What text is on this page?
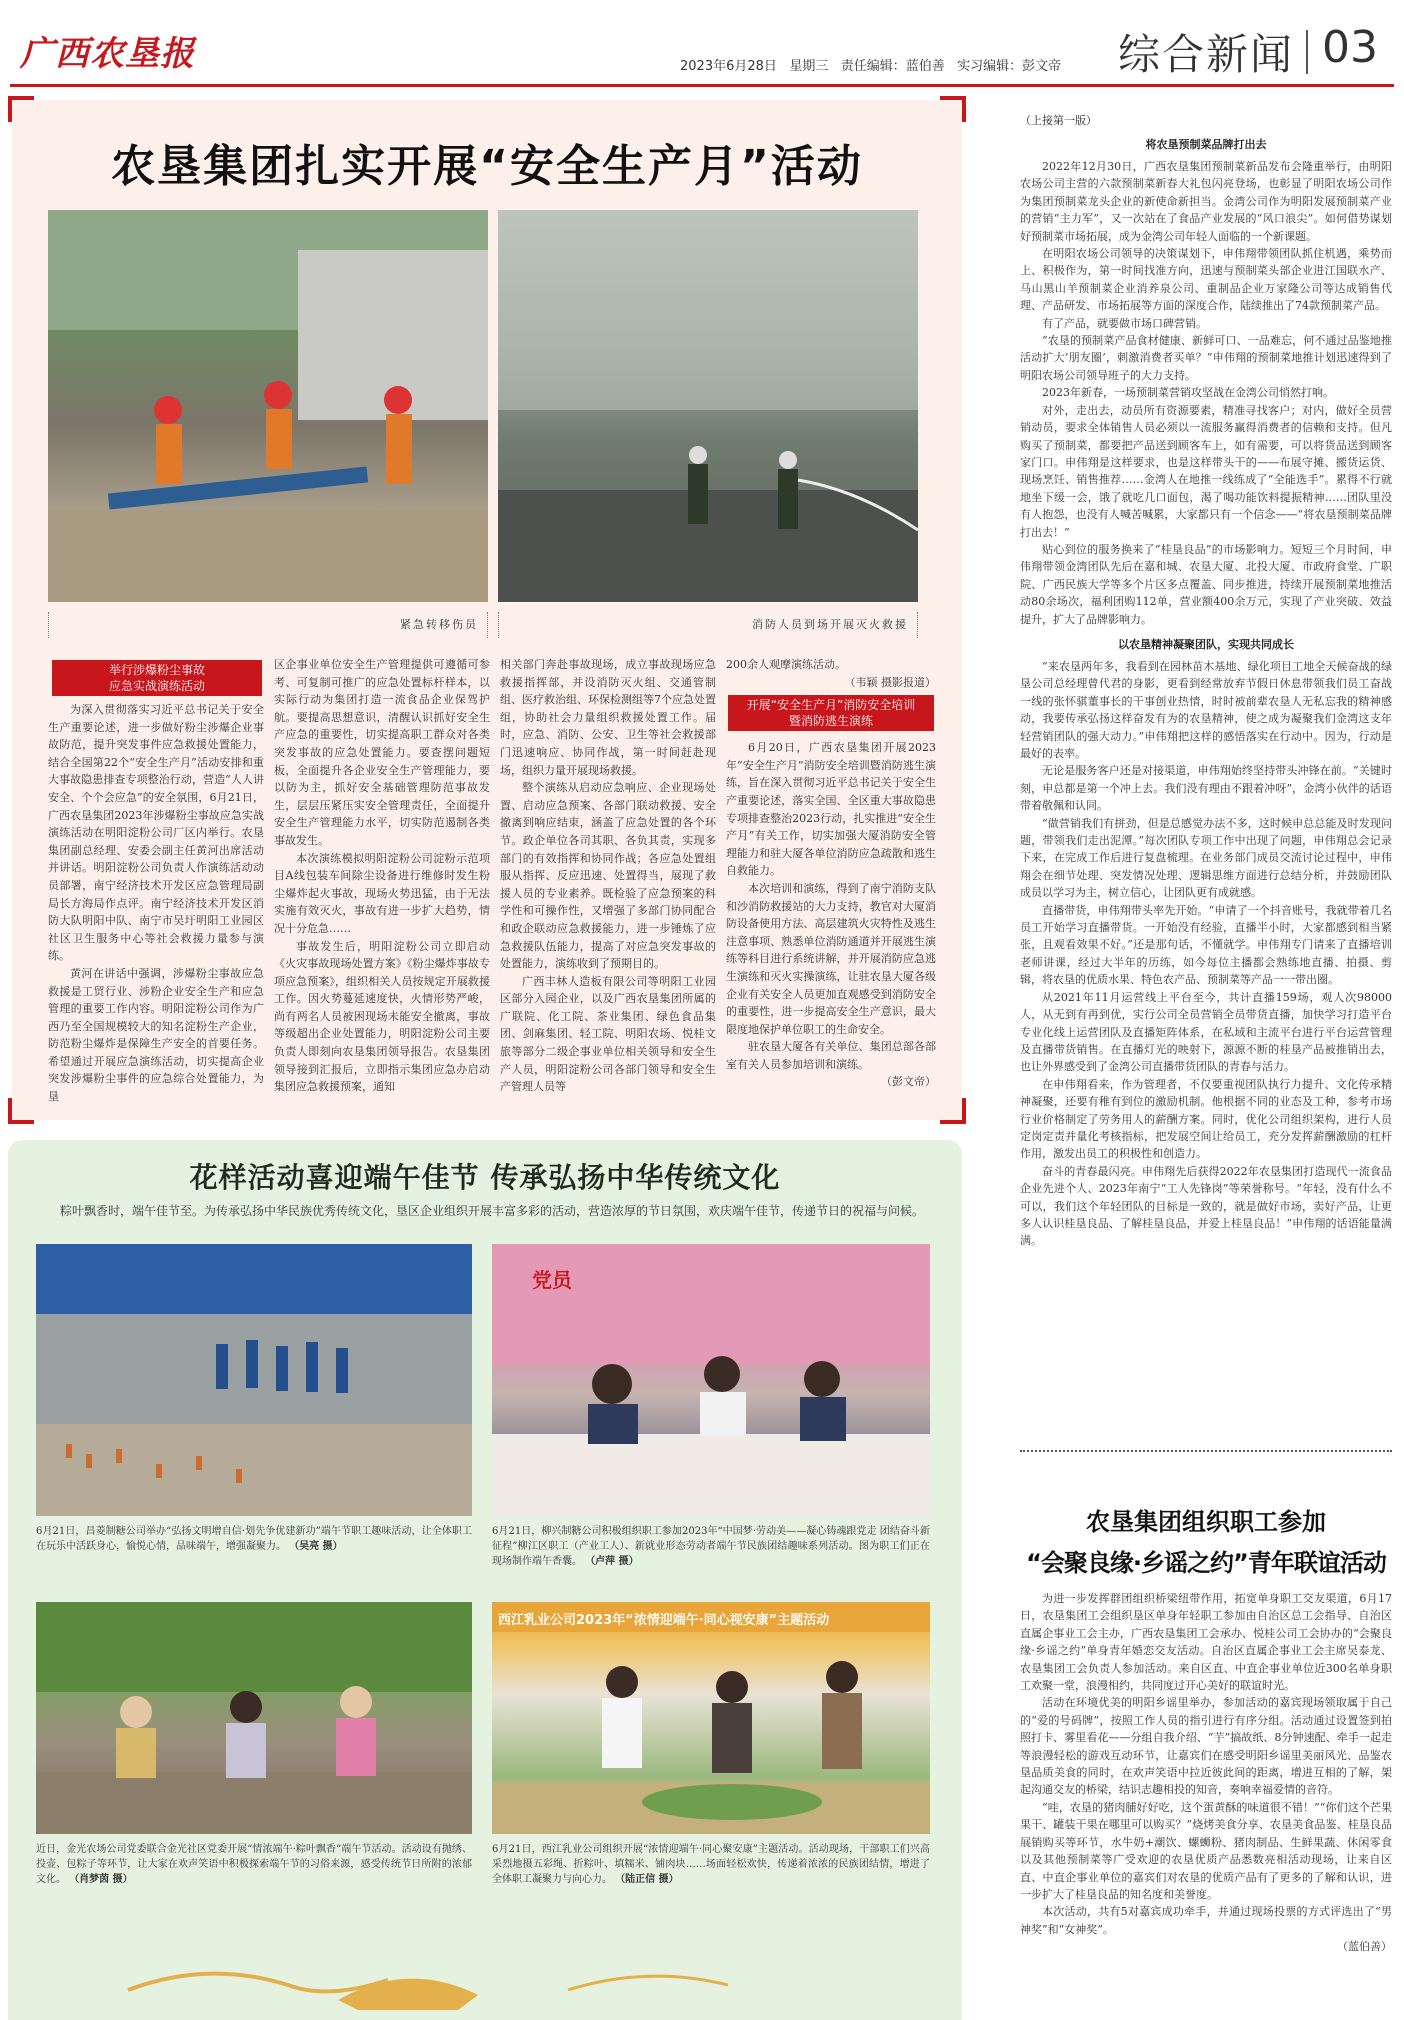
广西农垦报	2023年6月28日 星期三 责任编辑：蓝伯善 实习编辑：彭文帝 综合新闻 03
农垦集团扎实开展“安全生产月”活动
紧急转移伤员	消防人员到场开展灭火救援
举行涉爆粉尘事故
应急实战演练活动

为深入贯彻落实习近平总书记关于安全生产重要论述，进一步做好粉尘涉爆企业事故防范，提升突发事件应急救援处置能力，结合全国第22个“安全生产月”活动安排和重大事故隐患排查专项整治行动，营造“人人讲安全、个个会应急”的安全氛围，6月21日，广西农垦集团2023年涉爆粉尘事故应急实战演练活动在明阳淀粉公司厂区内举行。农垦集团副总经理、安委会副主任黄河出席活动并讲话。明阳淀粉公司负责人作演练活动动员部署，南宁经济技术开发区应急管理局副局长方海局作点评。南宁经济技术开发区消防大队明阳中队、南宁市吴圩明阳工业园区社区卫生服务中心等社会救援力量参与演练。

黄河在讲话中强调，涉爆粉尘事故应急救援是工贸行业、涉粉企业安全生产和应急管理的重要工作内容。明阳淀粉公司作为广西乃至全国规模较大的知名淀粉生产企业，防范粉尘爆炸是保障生产安全的首要任务。希望通过开展应急演练活动，切实提高企业突发涉爆粉尘事件的应急综合处置能力，为垦

区企事业单位安全生产管理提供可遵循可参考、可复制可推广的应急处置标杆样本，以实际行动为集团打造一流食品企业保驾护航。要提高思想意识，清醒认识抓好安全生产应急的重要性，切实提高职工群众对各类突发事故的应急处置能力。要查摆问题短板，全面提升各企业安全生产管理能力，要以防为主，抓好安全基础管理防范事故发生，层层压紧压实安全管理责任，全面提升安全生产管理能力水平，切实防范遏制各类事故发生。

本次演练模拟明阳淀粉公司淀粉示范项目A线包装车间除尘设备进行维修时发生粉尘爆炸起火事故，现场火势迅猛，由于无法实施有效灭火，事故有进一步扩大趋势，情况十分危急……

事故发生后，明阳淀粉公司立即启动《火灾事故现场处置方案》《粉尘爆炸事故专项应急预案》，组织相关人员按规定开展救援工作。因火势蔓延速度快，火情形势严峻，尚有两名人员被困现场未能安全撤离，事故等级超出企业处置能力，明阳淀粉公司主要负责人即刻向农垦集团领导报告。农垦集团领导接到汇报后，立即指示集团应急办启动集团应急救援预案，通知

相关部门奔赴事故现场，成立事故现场应急救援指挥部，并设消防灭火组、交通管制组、医疗救治组、环保检测组等7个应急处置组，协助社会力量组织救援处置工作。届时，应急、消防、公安、卫生等社会救援部门迅速响应、协同作战，第一时间赶赴现场，组织力量开展现场救援。

整个演练从启动应急响应、企业现场处置、启动应急预案、各部门联动救援、安全撤离到响应结束，涵盖了应急处置的各个环节。政企单位各司其职、各负其责，实现多部门的有效指挥和协同作战；各应急处置组服从指挥、反应迅速、处置得当，展现了救援人员的专业素养。既检验了应急预案的科学性和可操作性，又增强了多部门协同配合和政企联动应急救援能力，进一步锤炼了应急救援队伍能力，提高了对应急突发事故的处置能力，演练收到了预期目的。

广西丰林人造板有限公司等明阳工业园区部分入园企业，以及广西农垦集团所属的广联院、化工院、茶业集团、绿色食品集团、剑麻集团、轻工院、明阳农场、悦桂文旅等部分二级企事业单位相关领导和安全生产人员，明阳淀粉公司各部门领导和安全生产管理人员等

200余人观摩演练活动。

（韦颖 摄影报道）

开展“安全生产月”消防安全培训
暨消防逃生演练

6月20日，广西农垦集团开展2023年“安全生产月”消防安全培训暨消防逃生演练，旨在深入贯彻习近平总书记关于安全生产重要论述，落实全国、全区重大事故隐患专项排查整治2023行动，扎实推进“安全生产月”有关工作，切实加强大厦消防安全管理能力和驻大厦各单位消防应急疏散和逃生自救能力。

本次培训和演练，得到了南宁消防支队和沙消防救援站的大力支持，教官对大厦消防设备使用方法、高层建筑火灾特性及逃生注意事项、熟悉单位消防通道并开展逃生演练等科目进行系统讲解，并开展消防应急逃生演练和灭火实操演练，让驻农垦大厦各级企业有关安全人员更加直观感受到消防安全的重要性，进一步提高安全生产意识，最大限度地保护单位职工的生命安全。

驻农垦大厦各有关单位、集团总部各部室有关人员参加培训和演练。

（彭文帝）

花样活动喜迎端午佳节 传承弘扬中华传统文化

粽叶飘香时，端午佳节至。为传承弘扬中华民族优秀传统文化，垦区企业组织开展丰富多彩的活动，营造浓厚的节日氛围，欢庆端午佳节，传递节日的祝福与问候。

党员
6月21日，昌菱制糖公司举办“弘扬文明增自信·划先争优建新功”端午节职工趣味活动，让全体职工在玩乐中活跃身心，愉悦心情，品味端午，增强凝聚力。 （吴亮 摄）
6月21日，柳兴制糖公司积极组织职工参加2023年“中国梦·劳动美——凝心铸魂跟党走 团结奋斗新征程”柳江区职工（产业工人）、新就业形态劳动者端午节民族团结趣味系列活动。图为职工们正在现场制作端午香囊。 （卢萍 摄）
西江乳业公司2023年“浓情迎端午·同心视安康”主题活动
近日，金光农场公司党委联合金光社区党委开展“情浓端午·粽叶飘香”端午节活动。活动设有抛绣、投壶、包粽子等环节，让大家在欢声笑语中积极探索端午节的习俗来源，感受传统节日所附的浓郁文化。 （肖梦茵 摄）
6月21日，西江乳业公司组织开展“浓情迎端午·同心聚安康”主题活动。活动现场，干部职工们兴高采烈地摄五彩绳、折粽叶、填糯米、铺肉块……场面轻松欢快，传递着浓浓的民族团结情，增进了全体职工凝聚力与向心力。 （陆正信 摄）
（上接第一版）
将农垦预制菜品牌打出去

2022年12月30日，广西农垦集团预制菜新品发布会隆重举行，由明阳农场公司主营的六款预制菜新春大礼包闪亮登场，也彰显了明阳农场公司作为集团预制菜龙头企业的新使命新担当。金湾公司作为明阳发展预制菜产业的营销“主力军”，又一次站在了食品产业发展的“风口浪尖”。如何借势谋划好预制菜市场拓展，成为金湾公司年轻人面临的一个新课题。

在明阳农场公司领导的决策谋划下，申伟翔带领团队抓住机遇，乘势而上、积极作为，第一时间找准方向，迅速与预制菜头部企业进江国联水产、马山黑山羊预制菜企业消养泉公司、重制品企业万家隆公司等达成销售代理、产品研发、市场拓展等方面的深度合作，陆续推出了74款预制菜产品。

有了产品，就要做市场口碑营销。

“农垦的预制菜产品食材健康、新鲜可口、一品难忘，何不通过品鉴地推活动扩大‘朋友圈’，刺激消费者买单？”申伟翔的预制菜地推计划迅速得到了明阳农场公司领导班子的大力支持。

2023年新春，一场预制菜营销攻坚战在金湾公司悄然打响。

对外，走出去，动员所有资源要素，精准寻找客户；对内，做好全员营销动员，要求全体销售人员必须以一流服务赢得消费者的信赖和支持。但凡购买了预制菜，都要把产品送到顾客车上，如有需要，可以将货品送到顾客家门口。申伟翔是这样要求，也是这样带头干的——布展守摊、搬货运货、现场烹饪、销售推荐……金湾人在地推一线练成了“全能选手”。累得不行就地坐下缓一会，饿了就吃几口面包，渴了喝功能饮料提振精神……团队里没有人抱怨，也没有人喊苦喊累，大家都只有一个信念——“将农垦预制菜品牌打出去！”

贴心到位的服务换来了“桂垦良品”的市场影响力。短短三个月时间，申伟翔带领金湾团队先后在嘉和城、农垦大厦、北投大厦、市政府食堂、广职院、广西民族大学等多个片区多点覆盖、同步推进，持续开展预制菜地推活动80余场次，福利团购112单，营业额400余万元，实现了产业突破、效益提升，扩大了品牌影响力。

以农垦精神凝聚团队，实现共同成长

“来农垦两年多，我看到在园林苗木基地、绿化项目工地全天候奋战的绿垦公司总经理曾代君的身影，更看到经常放弃节假日休息带领我们员工奋战一线的张怀骐董事长的干事创业热情，时时被前辈农垦人无私忘我的精神感动，我要传承弘扬这样奋发有为的农垦精神，使之成为凝聚我们金湾这支年轻营销团队的强大动力。”申伟翔把这样的感悟落实在行动中。因为，行动是最好的表率。

无论是服务客户还是对接渠道，申伟翔始终坚持带头冲锋在前。“关键时刻，申总都是第一个冲上去。我们没有理由不跟着冲呀”，金湾小伙伴的话语带着敬佩和认同。

“做营销我们有拼劲，但是总感觉办法不多，这时候申总总能及时发现问题，带领我们走出泥潭。”每次团队专项工作中出现了问题，申伟翔总会记录下来，在完成工作后进行复盘梳理。在业务部门成员交流讨论过程中，申伟翔会在细节处理、突发情况处理、逻辑思维方面进行总结分析，并鼓励团队成员以学习为主，树立信心，让团队更有成就感。

直播带货，申伟翔带头率先开始。“申请了一个抖音账号，我就带着几名员工开始学习直播带货。一开始没有经验，直播半小时，大家都感到相当紧张，且观看效果不好。”还是那句话，不懂就学。申伟翔专门请来了直播培训老师讲课，经过大半年的历练，如今每位主播都会熟练地直播、拍摄、剪辑，将农垦的优质水果、特色农产品、预制菜等产品一一带出圈。

从2021年11月运营线上平台至今，共计直播159场，观人次98000人，从无到有再到优，实行公司全员营销全员带货直播，加快学习打造平台专业化线上运营团队及直播矩阵体系，在私域和主流平台进行平台运营管理及直播带货销售。在直播灯光的映射下，源源不断的桂垦产品被推销出去，也让外界感受到了金湾公司直播带货团队的青春与活力。

在申伟翔看来，作为管理者，不仅要重视团队执行力提升、文化传承精神凝聚，还要有稚有到位的激励机制。他根据不同的业态及工种，参考市场行业价格制定了劳务用人的薪酬方案。同时，优化公司组织架构，进行人员定岗定责并量化考核指标，把发展空间让给员工，充分发挥薪酬激励的杠杆作用，激发出员工的积极性和创造力。

奋斗的青春最闪亮。申伟翔先后获得2022年农垦集团打造现代一流食品企业先进个人、2023年南宁“工人先锋岗”等荣誉称号。“年轻，没有什么不可以，我们这个年轻团队的目标是一致的，就是做好市场，卖好产品，让更多人认识桂垦良品、了解桂垦良品，并爱上桂垦良品！”申伟翔的话语能量满满。

农垦集团组织职工参加
“会聚良缘·乡谣之约”青年联谊活动

为进一步发挥群团组织桥梁纽带作用，拓宽单身职工交友渠道，6月17日，农垦集团工会组织垦区单身年轻职工参加由自治区总工会指导、自治区直属企事业工会主办，广西农垦集团工会承办、悦桂公司工会协办的“会聚良缘·乡谣之约”单身青年婚恋交友活动。自治区直属企事业工会主席吴泰龙、农垦集团工会负责人参加活动。来自区直、中直企事业单位近300名单身职工欢聚一堂，浪漫相约，共同度过开心美好的联谊时光。

活动在环境优美的明阳乡谣里举办，参加活动的嘉宾现场领取属于自己的“爱的号码牌”，按照工作人员的指引进行有序分组。活动通过设置签到拍照打卡、雾里看花——分组自我介绍、“芋”搞故纸、8分钟速配、牵手一起走等浪漫轻松的游戏互动环节，让嘉宾们在感受明阳乡谣里美丽风光、品鉴农垦品质美食的同时，在欢声笑语中拉近彼此间的距离，增进互相的了解，架起沟通交友的桥梁，结识志趣相投的知音，奏响幸福爱情的音符。

“哇，农垦的猪肉脯好好吃，这个蛋黄酥的味道很不错！”“你们这个芒果果干、罐装干果在哪里可以购买？”烧烤美食分享、农垦美食品鉴、桂垦良品展销购买等环节，水牛奶+潮饮、螺蛳粉、猪肉制品、生鲜果蔬、休闲零食以及其他预制菜等广受欢迎的农垦优质产品悉数亮相活动现场，让来自区直、中直企事业单位的嘉宾们对农垦的优质产品有了更多的了解和认识，进一步扩大了桂垦良品的知名度和美誉度。

本次活动，共有5对嘉宾成功牵手，并通过现场投票的方式评选出了“男神奖”和“女神奖”。

（蓝伯善）
